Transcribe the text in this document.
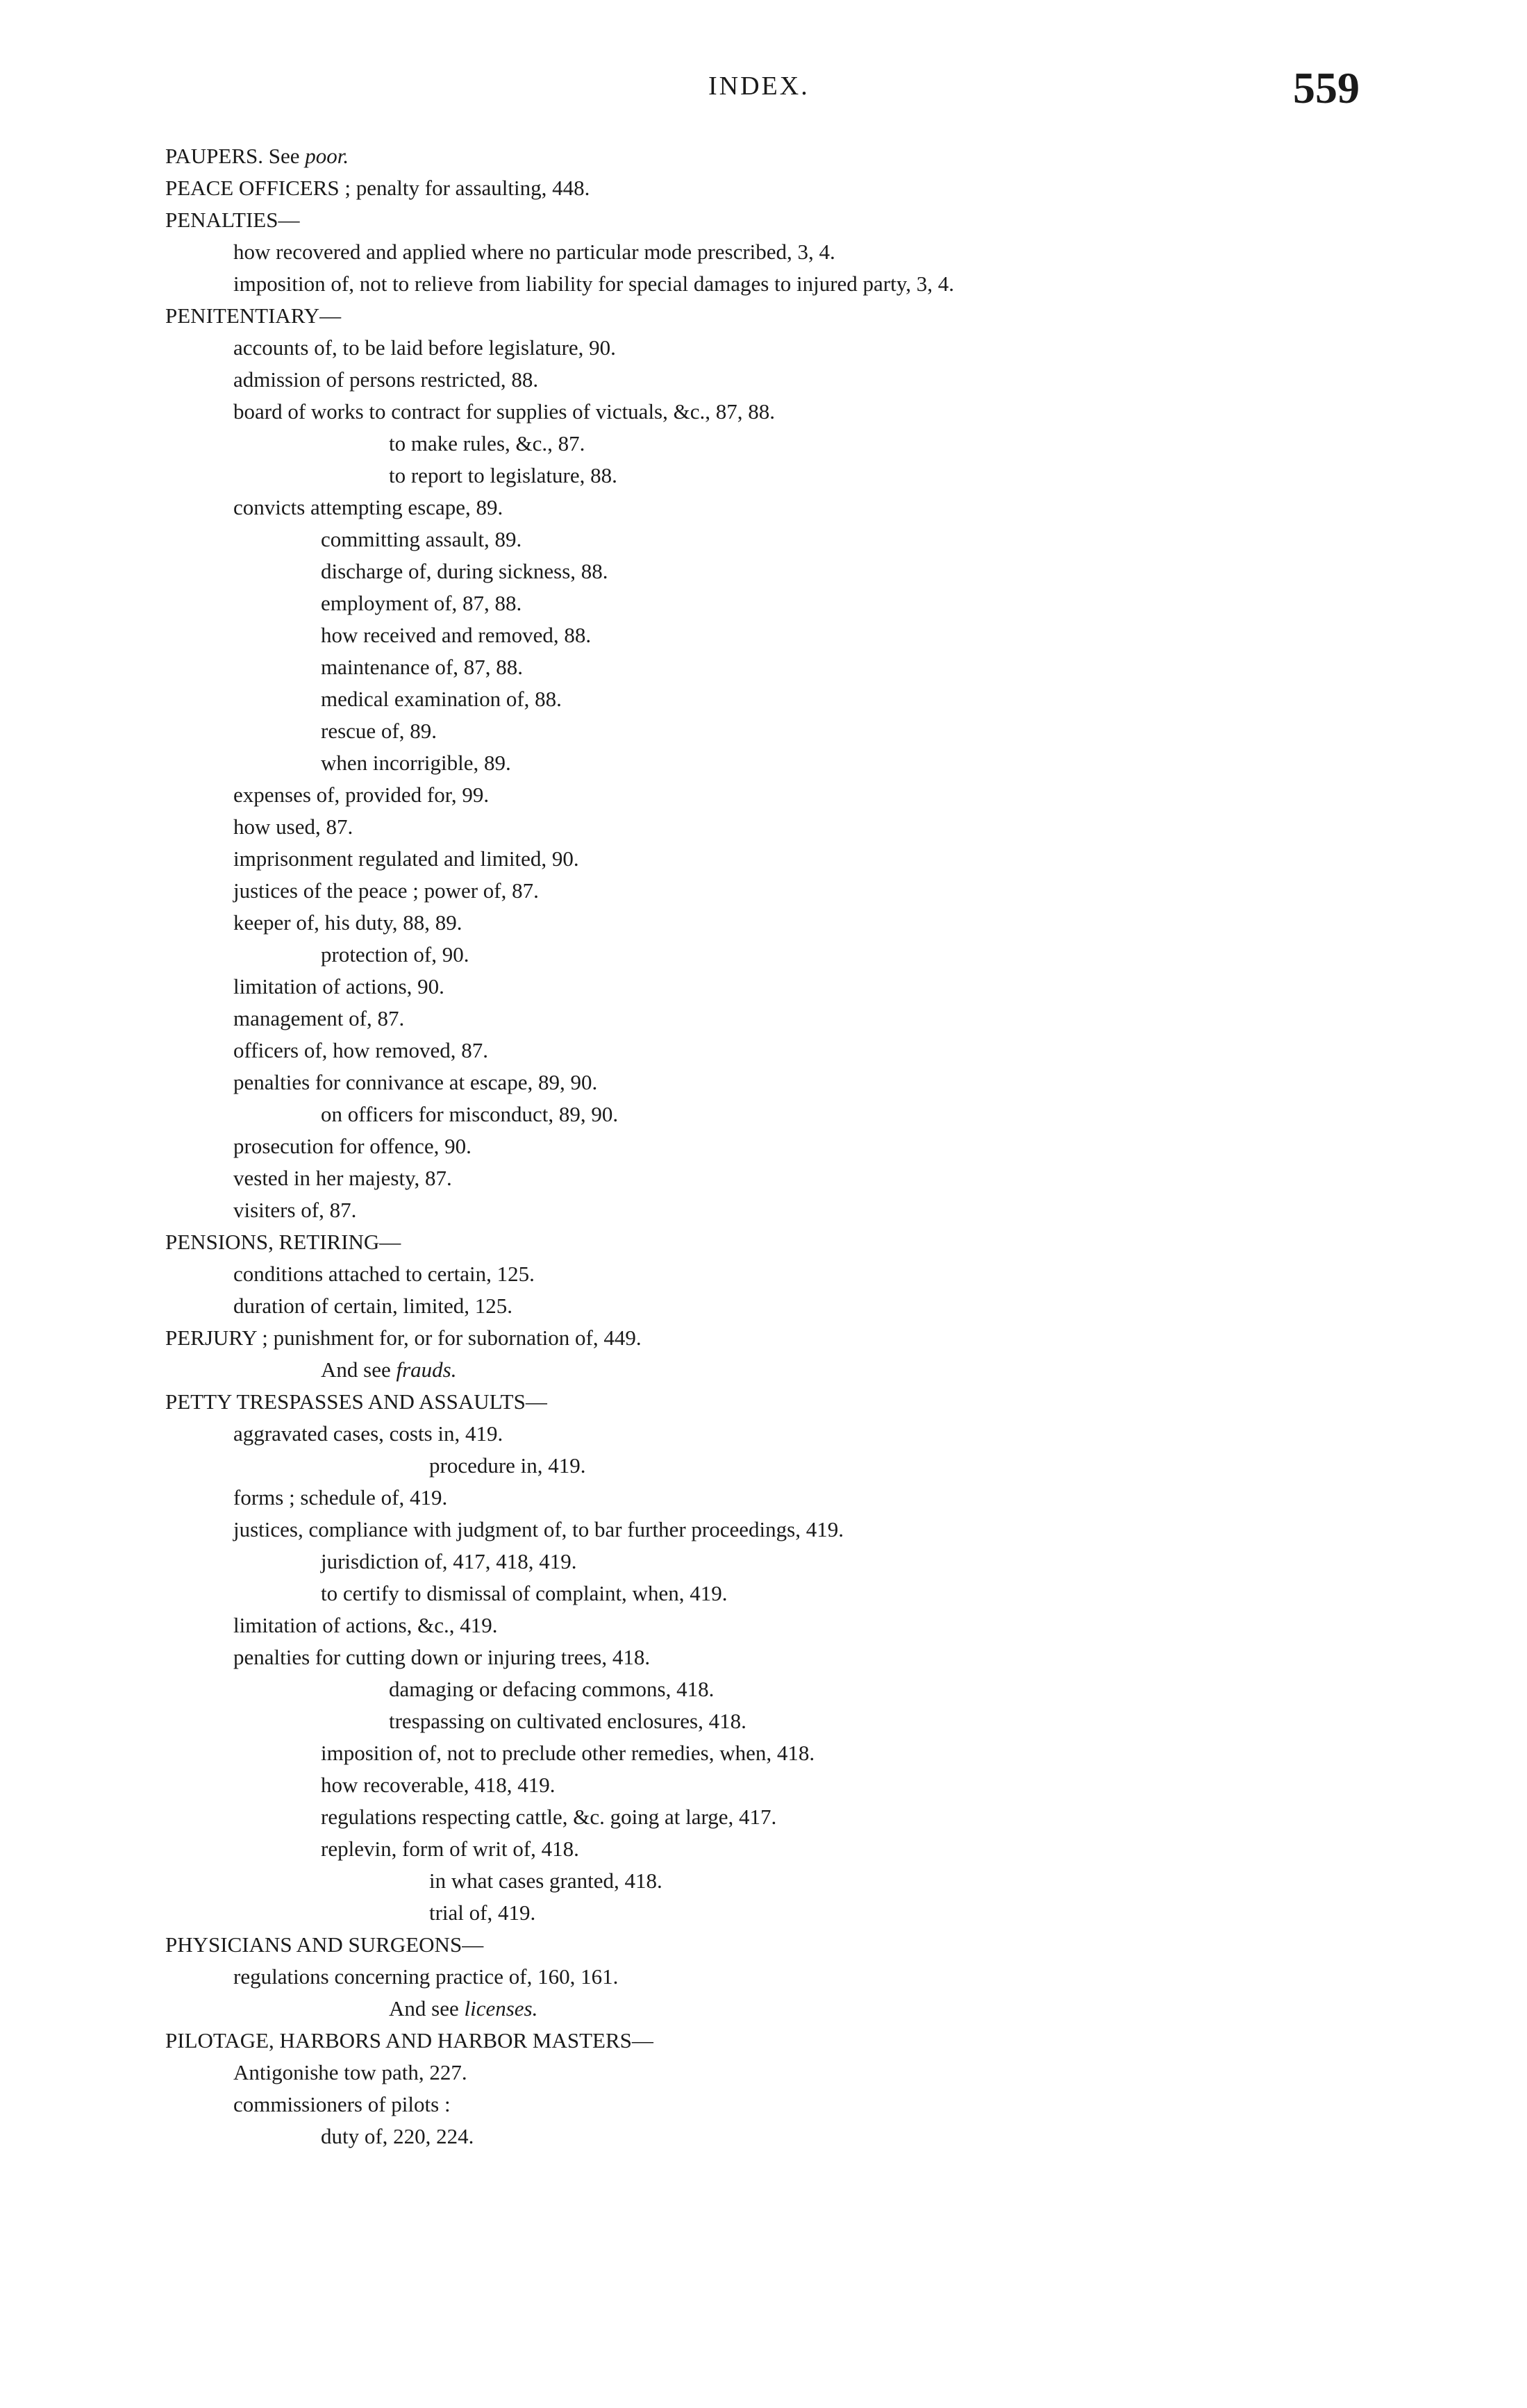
INDEX.	559
PAUPERS. See poor.
PEACE OFFICERS ; penalty for assaulting, 448.
PENALTIES—
how recovered and applied where no particular mode prescribed, 3, 4.
imposition of, not to relieve from liability for special damages to injured party, 3, 4.
PENITENTIARY—
accounts of, to be laid before legislature, 90.
admission of persons restricted, 88.
board of works to contract for supplies of victuals, &c., 87, 88.
to make rules, &c., 87.
to report to legislature, 88.
convicts attempting escape, 89.
committing assault, 89.
discharge of, during sickness, 88.
employment of, 87, 88.
how received and removed, 88.
maintenance of, 87, 88.
medical examination of, 88.
rescue of, 89.
when incorrigible, 89.
expenses of, provided for, 99.
how used, 87.
imprisonment regulated and limited, 90.
justices of the peace ; power of, 87.
keeper of, his duty, 88, 89.
protection of, 90.
limitation of actions, 90.
management of, 87.
officers of, how removed, 87.
penalties for connivance at escape, 89, 90.
on officers for misconduct, 89, 90.
prosecution for offence, 90.
vested in her majesty, 87.
visiters of, 87.
PENSIONS, RETIRING—
conditions attached to certain, 125.
duration of certain, limited, 125.
PERJURY ; punishment for, or for subornation of, 449.
And see frauds.
PETTY TRESPASSES AND ASSAULTS—
aggravated cases, costs in, 419.
procedure in, 419.
forms ; schedule of, 419.
justices, compliance with judgment of, to bar further proceedings, 419.
jurisdiction of, 417, 418, 419.
to certify to dismissal of complaint, when, 419.
limitation of actions, &c., 419.
penalties for cutting down or injuring trees, 418.
damaging or defacing commons, 418.
trespassing on cultivated enclosures, 418.
imposition of, not to preclude other remedies, when, 418.
how recoverable, 418, 419.
regulations respecting cattle, &c. going at large, 417.
replevin, form of writ of, 418.
in what cases granted, 418.
trial of, 419.
PHYSICIANS AND SURGEONS—
regulations concerning practice of, 160, 161.
And see licenses.
PILOTAGE, HARBORS AND HARBOR MASTERS—
Antigonishe tow path, 227.
commissioners of pilots :
duty of, 220, 224.
